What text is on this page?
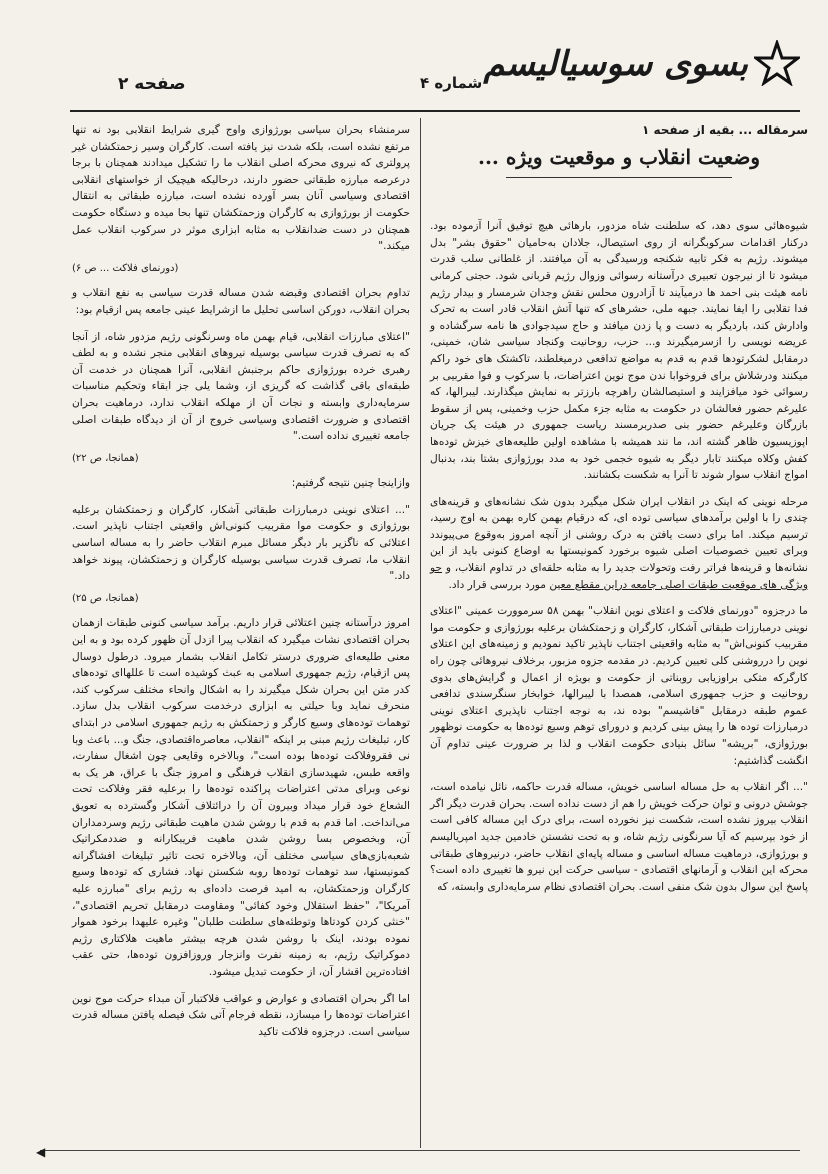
بسوی سوسیالیسم
شماره ۴
صفحه ۲
سرمقاله ... بقیه از صفحه ۱
وضعیت انقلاب و موقعیت ویژه ...

شیوه‌هائی سوی دهد، که سلطنت شاه مزدور، بارهائی هیچ توفیق آنرا آزموده بود. درکنار اقدامات سرکوبگرانه از روی استیصال، جلادان به‌حامیان "حقوق بشر" بدل میشوند. رژیم به فکر تابیه شکنجه ورسیدگی به آن میافتند. از غلطانی سلب قدرت میشود تا از نیرجون تعبیری درآستانه رسوائی وزوال رژیم قربانی شود. حجتی کرمانی نامه هیئت بنی احمد ها درمیآیند تا آزادرون محلس نقش وجدان شرمسار و بیدار رژیم فدا تقلابی را ایفا نمایند. جبهه ملی، حشرهای که تنها آتش انقلاب قادر است به تحرک وادارش کند، باردیگر به دست و پا زدن میافتد و حاج سیدجوادی ها نامه سرگشاده و عریضه نویسی را ازسرمیگیرند و... حزب، روحانیت وکنجاد سیاسی شان، خمینی، درمقابل لشکرتودها قدم به قدم به مواضع تدافعی درمیغلطند، تاکشتک های خود راکم میکنند ودرشلاش برای فروخوابا ندن موج نوین اعتراضات، با سرکوب و فوا مقربیی بر رسوائی خود میافزایند و استیصالشان راهرچه بارزتر به نمایش میگذارند. لیبرالها، که علیرغم حضور فعالشان در حکومت به مثابه جزء مکمل حزب وخمینی، پس از سقوط بازرگان وعلیرغم حضور بنی صدربرمسند ریاست جمهوری در هیئت یک جریان اپوزیسیون ظاهر گشته اند، ما نند همیشه با مشاهده اولین طلیعه‌های خیزش توده‌ها کفش وکلاه میکنند تابار دیگر به شیوه خجمی خود به مدد بورژوازی بشتا بند، بدنبال امواج انقلاب سوار شوند تا آنرا به شکست بکشانند.

مرحله نوینی که اینک در انقلاب ایران شکل میگیرد بدون شک نشانه‌های و قرینه‌های چندی را با اولین برآمدهای سیاسی توده ای، که درقیام بهمن کاره بهمن به اوج رسید، ترسیم میکند. اما برای دست یافتن به درک روشنی از آنچه امروز به‌وقوع می‌پیوندد وبرای تعیین خصوصیات اصلی شیوه برخورد کمونیستها به اوضاع کنونی باید از این نشانه‌ها و قرینه‌ها فراتر رفت وتحولات جدید را به مثابه حلقه‌ای در تداوم انقلاب، و جو ویژگی های موقعیت طبقات اصلی جامعه دراین مقطع معین مورد بررسی قرار داد.

ما درجزوه "دورنمای فلاکت و اعتلای نوین انقلاب" بهمن ۵۸ سرموورت عمینی "اعتلای نوینی درمبارزات طبقاتی آشکار، کارگران و زحمتکشان برعلیه بورژوازی و حکومت موا مقربیب کنونی‌اش" به مثابه واقعیتی اجتناب ناپذیر تاکید نمودیم و زمینه‌های این اعتلای نوین را درروشنی کلی تعیین کردیم. در مقدمه جزوه مزبور، برخلاف نیروهائی چون راه کارگرکه متکی براوزیابی روبناتی از حکومت و بویژه از اعمال و گرایش‌های بدوی روحانیت و حزب جمهوری اسلامی، همصدا با لیبرالها، خوابخار سنگرسندی تدافعی عموم طبقه درمقابل "فاشیسم" بوده ند، به نوجه اجتناب ناپذیری اعتلای نوینی درمبارزات توده ها را پیش بینی کردیم و درورای توهم وسیع توده‌ها به حکومت نوظهور بورژوازی، "بریشه" سائل بنیادی حکومت انقلاب و لذا بر ضرورت عینی تداوم آن انگشت گذاشتیم:

"... اگر انقلاب به حل مساله اساسی خویش، مساله قدرت حاکمه، نائل نیامده است، جوشش درونی و توان حرکت خویش را هم از دست نداده است. بحران قدرت دیگر اگر انقلاب بیروز نشده است، شکست نیز نخورده است، برای درک این مساله کافی است از خود بپرسیم که آیا سرنگونی رژیم شاه، و به تحت نشستن خادمین جدید امپریالیسم و بورژوازی، درماهیت مساله اساسی و مساله پایه‌ای انقلاب حاضر، درنیروهای طبقاتی محرکه این انقلاب و آرمانهای اقتصادی - سیاسی حرکت این نیرو ها تغییری داده است؟ پاسخ این سوال بدون شک منفی است. بحران اقتصادی نظام سرمایه‌داری وابسته، که

سرمنشاء بحران سیاسی بورژوازی واوج گیری شرایط انقلابی بود نه تنها مرتفع نشده است، بلکه شدت نیز یافته است. کارگران وسیر زحمتکشان غیر پرولتری که نیروی محرکه اصلی انقلاب ما را تشکیل میدادند همچنان با برجا درعرصه مبارزه طبقاتی حضور دارند، درحالیکه هیچیک از خواستهای انقلابی اقتصادی وسیاسی آنان بسر آورده نشده است، مبارزه طبقاتی به انتقال حکومت از بورژوازی به کارگران وزحمتکشان تنها بحا میده و دستگاه حکومت همچنان در دست ضدانقلاب به مثابه ابزاری موثر در سرکوب انقلاب عمل میکند."

(دورنمای فلاکت ... ص ۶)

تداوم بحران اقتصادی وقبضه شدن مساله قدرت سیاسی به نفع انقلاب و بحران انقلاب، دورکن اساسی تحلیل ما ازشرایط عینی جامعه پس ازقیام بود:

"اعتلای مبارزات انقلابی، قیام بهمن ماه وسرنگونی رژیم مزدور شاه، از آنجا که به تصرف قدرت سیاسی بوسیله نیروهای انقلابی منجر نشده و به لطف رهبری خرده بورژوازی حاکم برجنبش انقلابی، آنرا همچنان در خدمت آن طبقه‌ای باقی گذاشت که گریزی از، وشما یلی جز ابقاء وتحکیم مناسبات سرمایه‌داری وابسته و نجات آن از مهلکه انقلاب ندارد، درماهیت بحران اقتصادی و ضرورت اقتصادی وسیاسی خروج از آن از دیدگاه طبقات اصلی جامعه تغییری نداده است."

(همانجا، ص ۲۲)

وازاینجا چنین نتیجه گرفتیم:

"... اعتلای نوینی درمبارزات طبقاتی آشکار، کارگران و زحمتکشان برعلیه بورژوازی و حکومت موا مقربیب کنونی‌اش واقعیتی اجتناب ناپذیر است. اعتلائی که ناگزیر بار دیگر مسائل مبرم انقلاب حاضر را به مساله اساسی انقلاب ما، تصرف قدرت سیاسی بوسیله کارگران و زحمتکشان، پیوند خواهد داد."

(همانجا، ص ۲۵)

امروز درآستانه چنین اعتلائی قرار داریم. برآمد سیاسی کنونی طبقات ازهمان بحران اقتصادی نشات میگیرد که انقلاب پیرا ازدل آن ظهور کرده بود و به این معنی طلیعه‌ای ضروری درستر تکامل انقلاب بشمار میرود. درطول دوسال پس ازقیام، رژیم جمهوری اسلامی به عبث کوشیده است تا عللها‌ای توده‌های کدر متن این بحران شکل میگیرند را به اشکال وانحاء مختلف سرکوب کند، منحرف نماید وبا حیلتی به ابزاری درخدمت سرکوب انقلاب بدل سازد. توهمات توده‌های وسیع کارگر و زحمتکش به رژیم جمهوری اسلامی در ابتدای کار، تبلیغات رژیم مبنی بر اینکه "انقلاب، معاصره‌اقتصادی، جنگ و... باعث وبا نی فقروفلاکت توده‌ها بوده است"، وبالاخره وقایعی چون اشغال سفارت، واقعه طبس، شهیدسازی انقلاب فرهنگی و امروز جنگ با عراق، هر یک به نوعی وبرای مدتی اعتراضات پراکنده توده‌ها را برعلیه فقر وفلاکت تحت الشعاع خود قرار میداد وبیرون آن را درائتلاف آشکار وگسترده به تعویق می‌انداخت. اما قدم به قدم با روشن شدن ماهیت طبقاتی رژیم وسردمداران آن، وبخصوص بسا روشن شدن ماهیت فریبکارانه و ضددمکراتیک شعبه‌بازی‌های سیاسی مختلف آن، وبالاخره تحت تاثیر تبلیغات افشاگرانه کمونیستها، سد توهمات توده‌ها روبه شکستن نهاد. فشاری که توده‌ها وسیع کارگران وزحمتکشان، به امید فرصت داده‌ای به رژیم برای "مبارزه علیه آمریکا"، "حفظ استقلال وخود کفائی" ومقاومت درمقابل تحریم اقتصادی"، "خنثی کردن کودتاها وتوطئه‌های سلطنت طلبان" وغیره علیهدا برخود هموار نموده بودند، اینک با روشن شدن هرچه بیشتر ماهیت هلاکتاری رژیم دموکراتیک رژیم، به زمینه نفرت وانزجار وروزافزون توده‌ها، حتی عقب افتاده‌ترین اقشار آن، از حکومت تبدیل میشود.

اما اگر بحران اقتصادی و عوارض و عواقب فلاکتبار آن مبداء حرکت موج نوین اعتراضات توده‌ها را میسازد، نقطه فرجام آتی شک فیصله یافتن مساله قدرت سیاسی است. درجزوه فلاکت تاکید

◀
